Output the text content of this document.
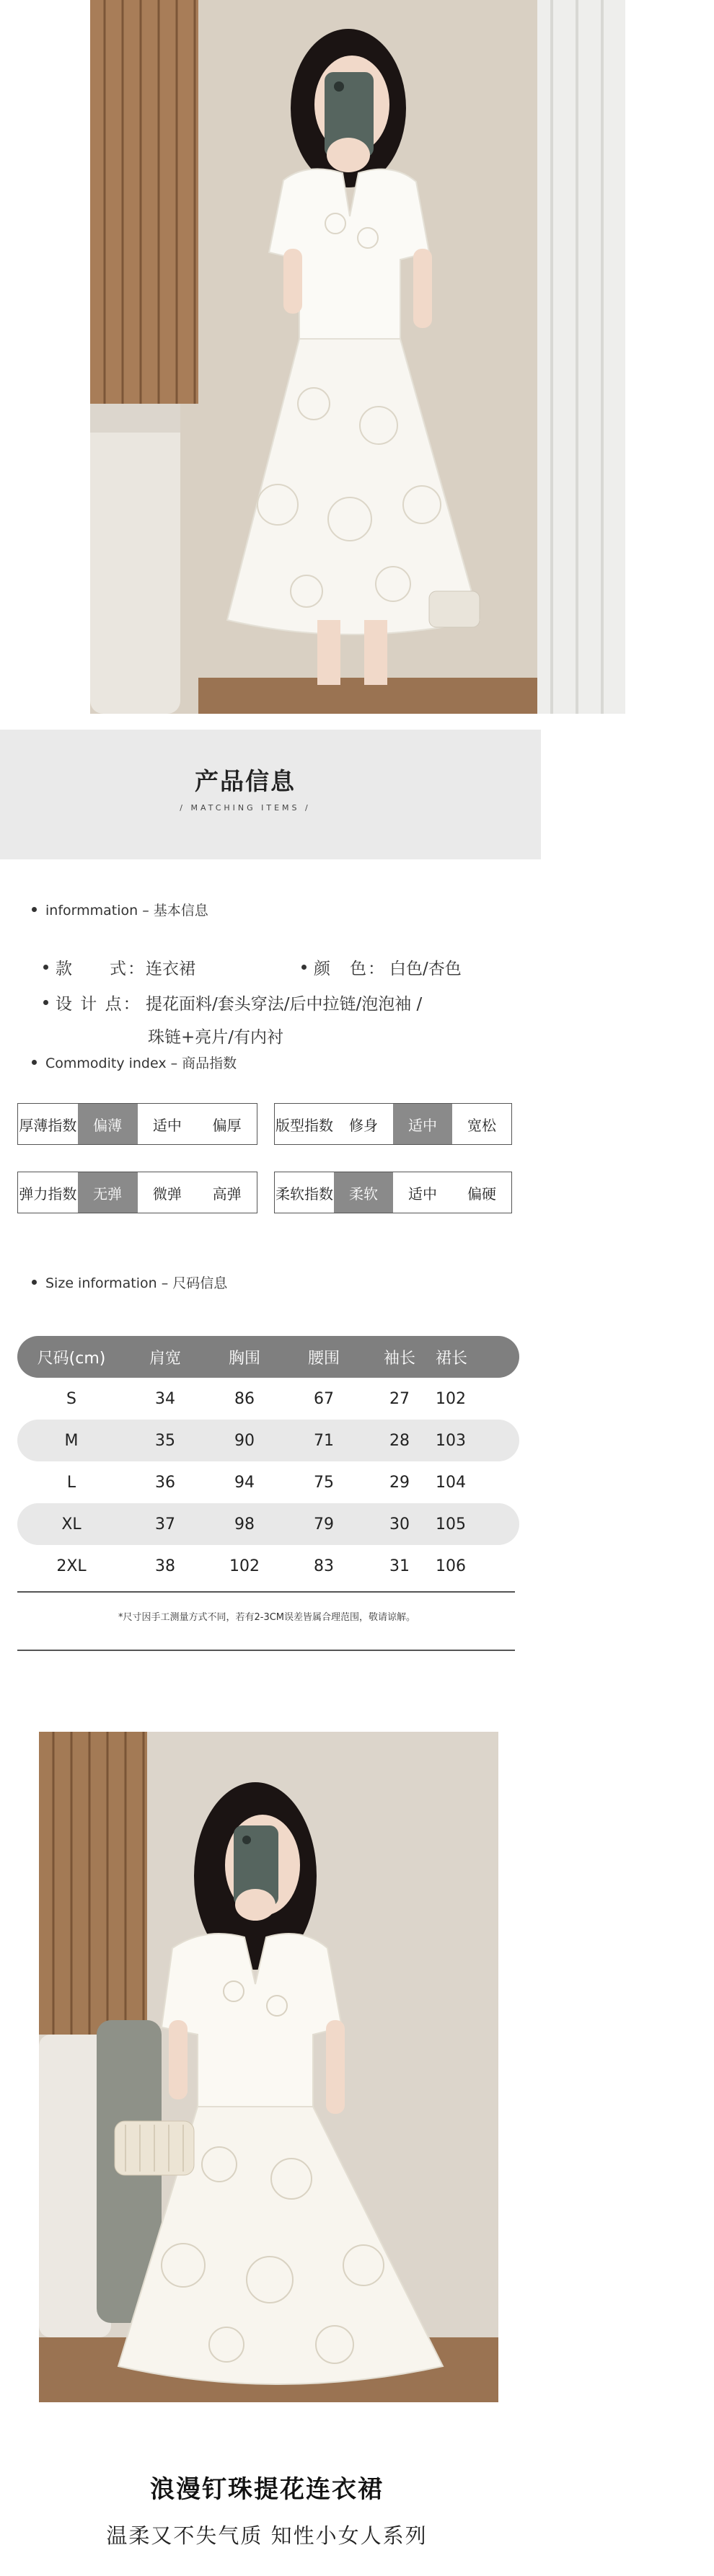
产品信息
/ MATCHING ITEMS /
informmation – 基本信息
款　　式：连衣裙	颜　色： 白色/杏色
设 计 点： 提花面料/套头穿法/后中拉链/泡泡袖 /
珠链+亮片/有内衬
Commodity index – 商品指数
厚薄指数	偏薄	适中	偏厚	版型指数	修身	适中	宽松
弹力指数	无弹	微弹	高弹	柔软指数	柔软	适中	偏硬
Size information – 尺码信息
尺码(cm)	肩宽	胸围	腰围	袖长	裙长
S	34	86	67	27	102
M	35	90	71	28	103
L	36	94	75	29	104
XL	37	98	79	30	105
2XL	38	102	83	31	106
*尺寸因手工测量方式不同，若有2-3CM误差皆属合理范围，敬请谅解。
浪漫钉珠提花连衣裙
温柔又不失气质 知性小女人系列
